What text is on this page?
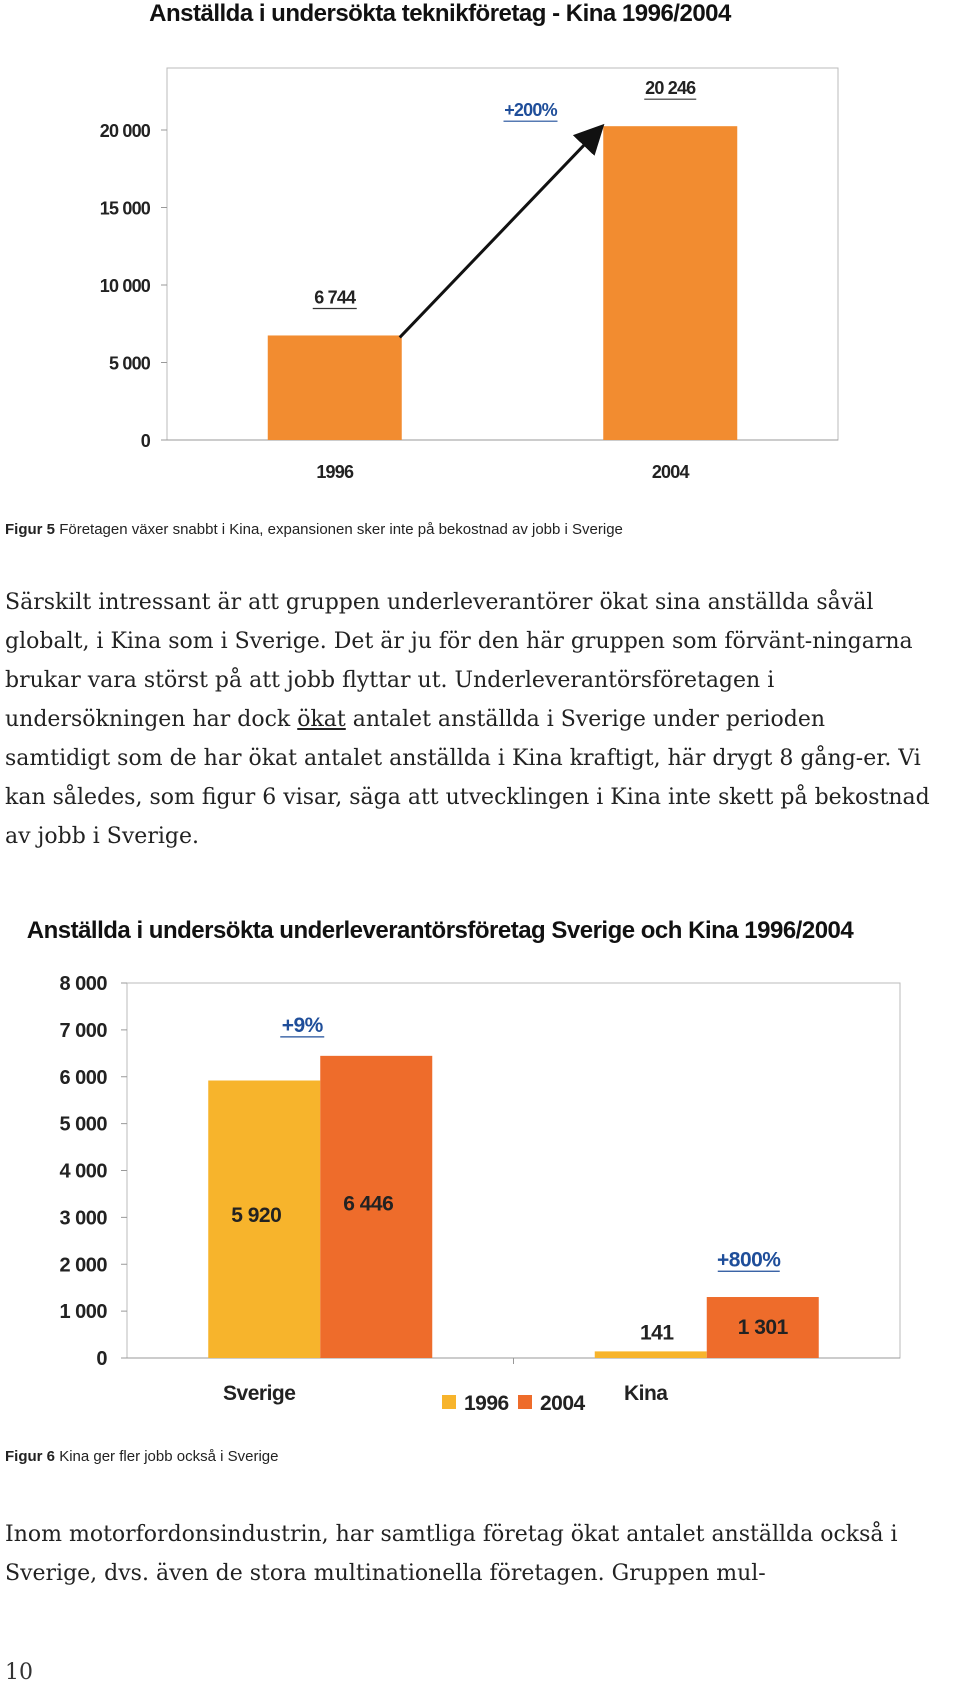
Anställda i undersökta teknikföretag - Kina 1996/2004
0
5 000
10 000
15 000
20 000
1996	2004
6 744
20 246
+200%
Figur 5 Företagen växer snabbt i Kina, expansionen sker inte på bekostnad av jobb i Sverige

Särskilt intressant är att gruppen underleverantörer ökat sina anställda såväl globalt, i Kina som i Sverige. Det är ju för den här gruppen som förvänt-ningarna brukar vara störst på att jobb flyttar ut. Underleverantörsföretagen i undersökningen har dock ökat antalet anställda i Sverige under perioden samtidigt som de har ökat antalet anställda i Kina kraftigt, här drygt 8 gång-er. Vi kan således, som figur 6 visar, säga att utvecklingen i Kina inte skett på bekostnad av jobb i Sverige.

Anställda i undersökta underleverantörsföretag Sverige och Kina 1996/2004
0
1 000
2 000
3 000
4 000
5 000
6 000
7 000
8 000
Sverige	Kina
5 920
6 446
141	1 301
+9%
+800%
1996 2004
Figur 6 Kina ger fler jobb också i Sverige

Inom motorfordonsindustrin, har samtliga företag ökat antalet anställda också i Sverige, dvs. även de stora multinationella företagen. Gruppen mul-

10
